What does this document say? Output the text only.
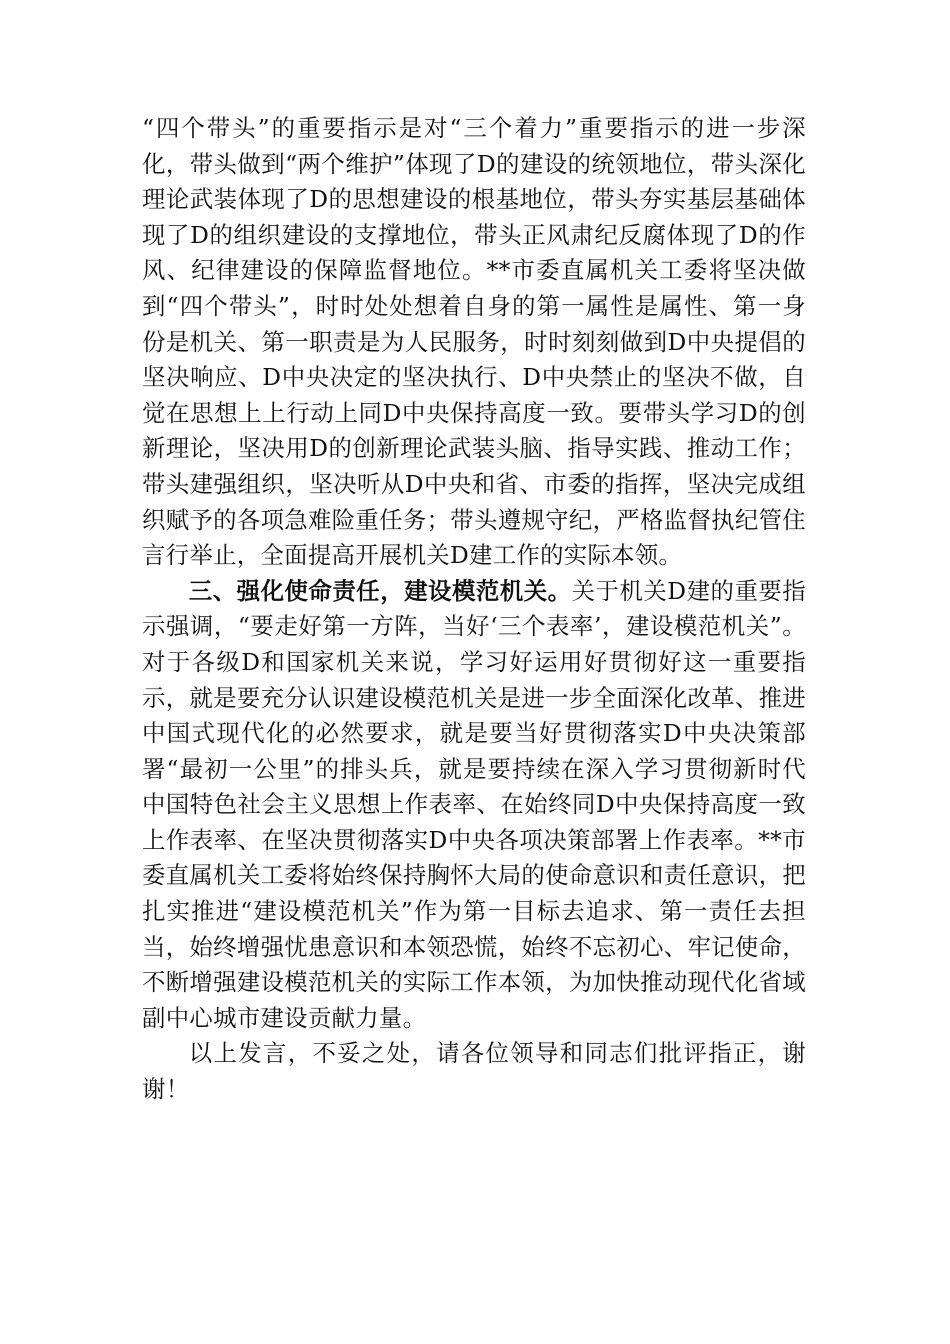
“四个带头”的重要指示是对“三个着力”重要指示的进一步深化，带头做到“两个维护”体现了D的建设的统领地位，带头深化理论武装体现了D的思想建设的根基地位，带头夯实基层基础体现了D的组织建设的支撑地位，带头正风肃纪反腐体现了D的作风、纪律建设的保障监督地位。**市委直属机关工委将坚决做到“四个带头”，时时处处想着自身的第一属性是属性、第一身份是机关、第一职责是为人民服务，时时刻刻做到D中央提倡的坚决响应、D中央决定的坚决执行、D中央禁止的坚决不做，自觉在思想上上行动上同D中央保持高度一致。要带头学习D的创新理论，坚决用D的创新理论武装头脑、指导实践、推动工作；带头建强组织，坚决听从D中央和省、市委的指挥，坚决完成组织赋予的各项急难险重任务；带头遵规守纪，严格监督执纪管住言行举止，全面提高开展机关D建工作的实际本领。

三、强化使命责任，建设模范机关。关于机关D建的重要指示强调，“要走好第一方阵，当好‘三个表率’，建设模范机关”。对于各级D和国家机关来说，学习好运用好贯彻好这一重要指示，就是要充分认识建设模范机关是进一步全面深化改革、推进中国式现代化的必然要求，就是要当好贯彻落实D中央决策部署“最初一公里”的排头兵，就是要持续在深入学习贯彻新时代中国特色社会主义思想上作表率、在始终同D中央保持高度一致上作表率、在坚决贯彻落实D中央各项决策部署上作表率。**市委直属机关工委将始终保持胸怀大局的使命意识和责任意识，把扎实推进“建设模范机关”作为第一目标去追求、第一责任去担当，始终增强忧患意识和本领恐慌，始终不忘初心、牢记使命，不断增强建设模范机关的实际工作本领，为加快推动现代化省域副中心城市建设贡献力量。

以上发言，不妥之处，请各位领导和同志们批评指正，谢谢！
